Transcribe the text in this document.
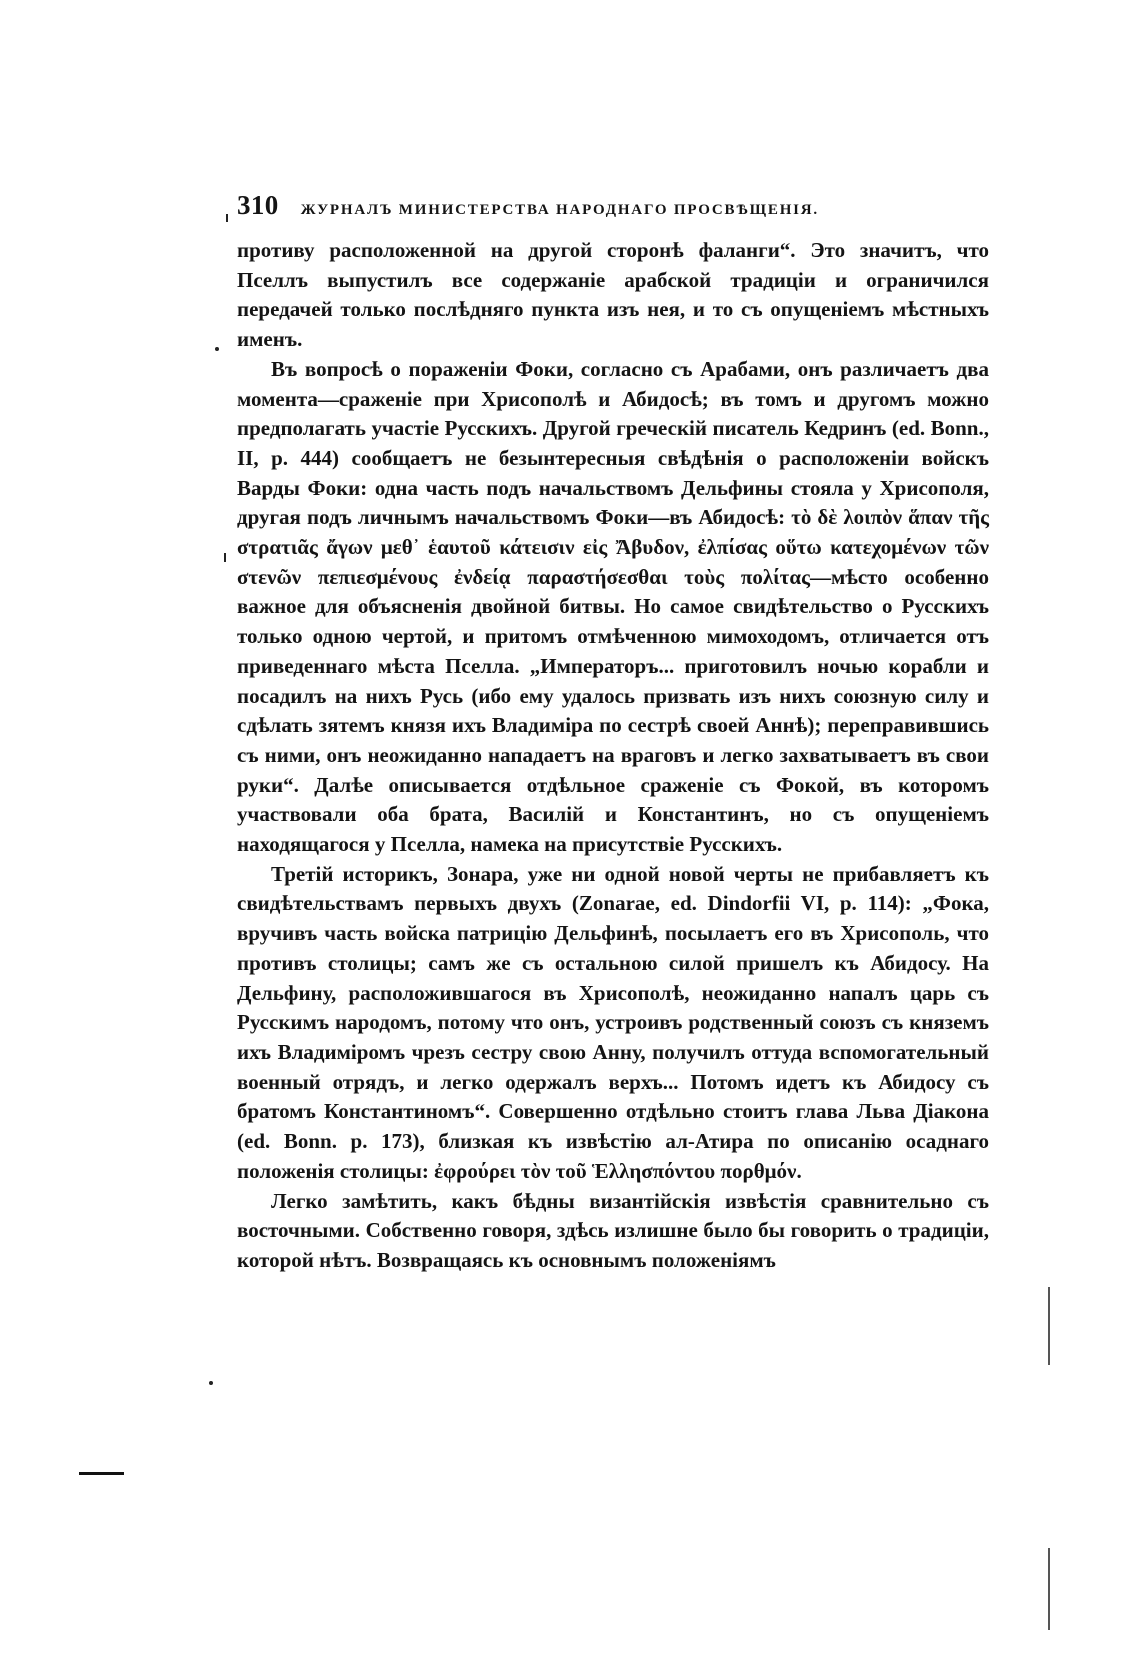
310 ЖУРНАЛЪ МИНИСТЕРСТВА НАРОДНАГО ПРОСВѢЩЕНІЯ.

противу расположенной на другой сторонѣ фаланги“. Это значитъ, что Пселлъ выпустилъ все содержаніе арабской традиціи и ограничился передачей только послѣдняго пункта изъ нея, и то съ опущеніемъ мѣстныхъ именъ.

Въ вопросѣ о пораженіи Фоки, согласно съ Арабами, онъ различаетъ два момента—сраженіе при Хрисополѣ и Абидосѣ; въ томъ и другомъ можно предполагать участіе Русскихъ. Другой греческій писатель Кедринъ (ed. Bonn., II, p. 444) сообщаетъ не безынтересныя свѣдѣнія о расположеніи войскъ Варды Фоки: одна часть подъ начальствомъ Дельфины стояла у Хрисополя, другая подъ личнымъ начальствомъ Фоки—въ Абидосѣ: τὸ δὲ λοιπὸν ἅπαν τῆς στρατιᾶς ἄγων μεθ᾽ ἑαυτοῦ κάτεισιν εἰς Ἄβυδον, ἐλπίσας οὕτω κατεχομένων τῶν στενῶν πεπιεσμένους ἐνδείᾳ παραστήσεσθαι τοὺς πολίτας—мѣсто особенно важное для объясненія двойной битвы. Но самое свидѣтельство о Русскихъ только одною чертой, и притомъ отмѣченною мимоходомъ, отличается отъ приведеннаго мѣста Пселла. „Императоръ... приготовилъ ночью корабли и посадилъ на нихъ Русь (ибо ему удалось призвать изъ нихъ союзную силу и сдѣлать зятемъ князя ихъ Владиміра по сестрѣ своей Аннѣ); переправившись съ ними, онъ неожиданно нападаетъ на враговъ и легко захватываетъ въ свои руки“. Далѣе описывается отдѣльное сраженіе съ Фокой, въ которомъ участвовали оба брата, Василій и Константинъ, но съ опущеніемъ находящагося у Пселла, намека на присутствіе Русскихъ.

Третій историкъ, Зонара, уже ни одной новой черты не прибавляетъ къ свидѣтельствамъ первыхъ двухъ (Zonarae, ed. Dindorfii VI, p. 114): „Фока, вручивъ часть войска патрицію Дельфинѣ, посылаетъ его въ Хрисополь, что противъ столицы; самъ же съ остальною силой пришелъ къ Абидосу. На Дельфину, расположившагося въ Хрисополѣ, неожиданно напалъ царь съ Русскимъ народомъ, потому что онъ, устроивъ родственный союзъ съ княземъ ихъ Владиміромъ чрезъ сестру свою Анну, получилъ оттуда вспомогательный военный отрядъ, и легко одержалъ верхъ... Потомъ идетъ къ Абидосу съ братомъ Константиномъ“. Совершенно отдѣльно стоитъ глава Льва Діакона (ed. Bonn. p. 173), близкая къ извѣстію ал-Атира по описанію осаднаго положенія столицы: ἐφρούρει τὸν τοῦ Ἑλλησπόντου πορθμόν.

Легко замѣтить, какъ бѣдны византійскія извѣстія сравнительно съ восточными. Собственно говоря, здѣсь излишне было бы говорить о традиціи, которой нѣтъ. Возвращаясь къ основнымъ положеніямъ
